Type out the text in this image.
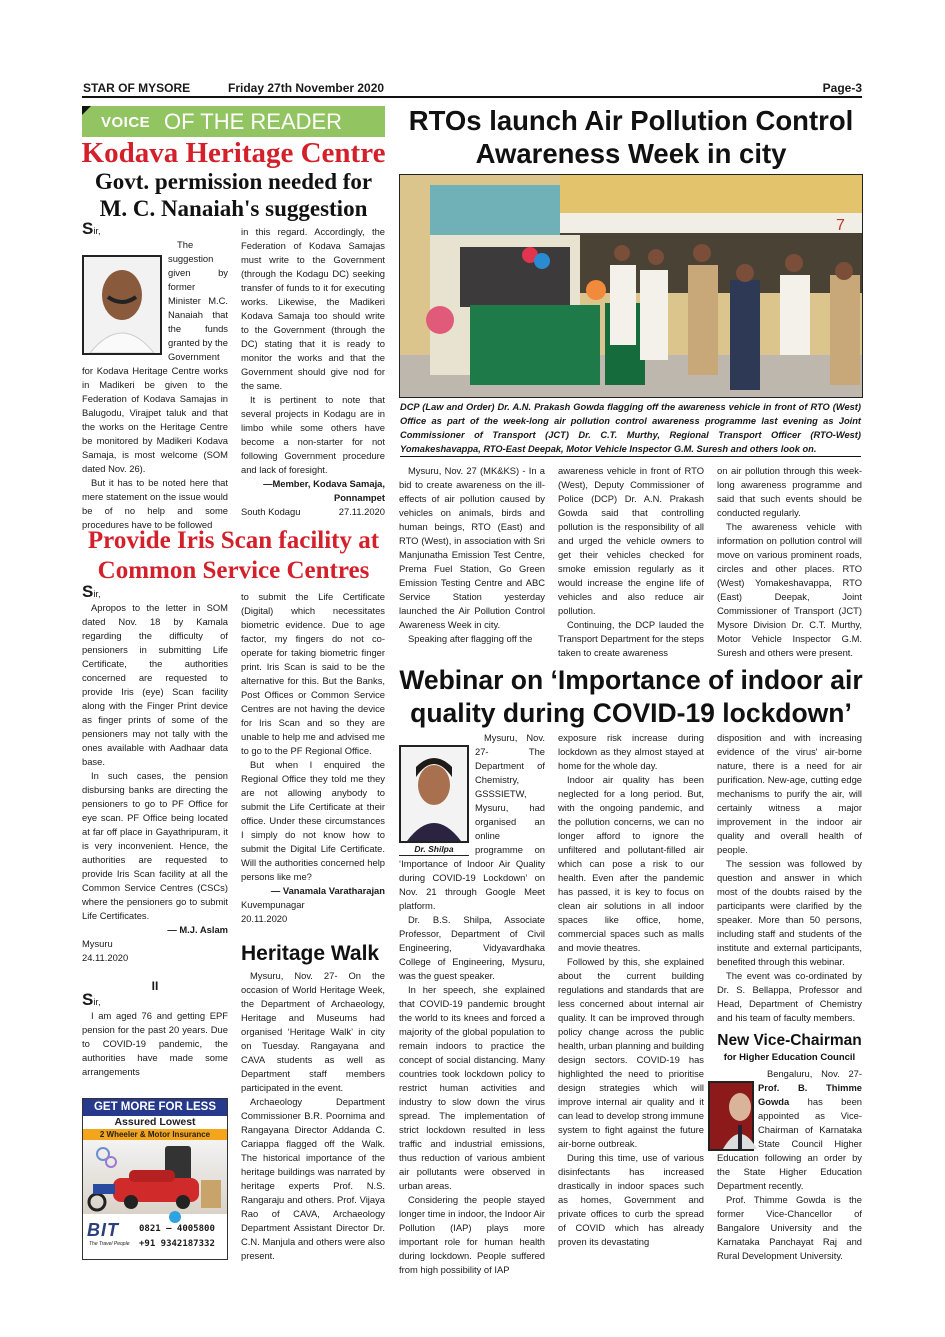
STAR OF MYSORE	Friday 27th November 2020	Page-3
VOICE OF THE READER
Kodava Heritage Centre
Govt. permission needed for
M. C. Nanaiah's suggestion
Sir,

The suggestion given by former Minister M.C. Nanaiah that the funds granted by the Government for Kodava Heritage Centre works in Madikeri be given to the Federation of Kodava Samajas in Balugodu, Virajpet taluk and that the works on the Heritage Centre be monitored by Madikeri Kodava Samaja, is most welcome (SOM dated Nov. 26).

But it has to be noted here that mere statement on the issue would be of no help and some procedures have to be followed

in this regard. Accordingly, the Federation of Kodava Samajas must write to the Government (through the Kodagu DC) seeking transfer of funds to it for executing works. Likewise, the Madikeri Kodava Samaja too should write to the Government (through the DC) stating that it is ready to monitor the works and that the Government should give nod for the same.

It is pertinent to note that several projects in Kodagu are in limbo while some others have become a non-starter for not following Government procedure and lack of foresight.

—Member, Kodava Samaja,
Ponnampet
South Kodagu	27.11.2020
Provide Iris Scan facility at
Common Service Centres
Sir,

Apropos to the letter in SOM dated Nov. 18 by Kamala regarding the difficulty of pensioners in submitting Life Certificate, the authorities concerned are requested to provide Iris (eye) Scan facility along with the Finger Print device as finger prints of some of the pensioners may not tally with the ones available with Aadhaar data base.

In such cases, the pension disbursing banks are directing the pensioners to go to PF Office for eye scan. PF Office being located at far off place in Gayathripuram, it is very inconvenient. Hence, the authorities are requested to provide Iris Scan facility at all the Common Service Centres (CSCs) where the pensioners go to submit Life Certificates.

— M.J. Aslam
Mysuru
24.11.2020
II
Sir,

I am aged 76 and getting EPF pension for the past 20 years. Due to COVID-19 pandemic, the authorities have made some arrangements

to submit the Life Certificate (Digital) which necessitates biometric evidence. Due to age factor, my fingers do not co-operate for taking biometric finger print. Iris Scan is said to be the alternative for this. But the Banks, Post Offices or Common Service Centres are not having the device for Iris Scan and so they are unable to help me and advised me to go to the PF Regional Office.

But when I enquired the Regional Office they told me they are not allowing anybody to submit the Life Certificate at their office. Under these circumstances I simply do not know how to submit the Digital Life Certificate. Will the authorities concerned help persons like me?

— Vanamala Varatharajan
Kuvempunagar
20.11.2020
GET MORE FOR LESS
Assured Lowest
2 Wheeler & Motor Insurance
BIT
The Travel People
0821 – 4005800
+91 9342187332
Heritage Walk

Mysuru, Nov. 27- On the occasion of World Heritage Week, the Department of Archaeology, Heritage and Museums had organised ‘Heritage Walk’ in city on Tuesday. Rangayana and CAVA students as well as Department staff members participated in the event.

Archaeology Department Commissioner B.R. Poornima and Rangayana Director Addanda C. Cariappa flagged off the Walk. The historical importance of the heritage buildings was narrated by heritage experts Prof. N.S. Rangaraju and others. Prof. Vijaya Rao of CAVA, Archaeology Department Assistant Director Dr. C.N. Manjula and others were also present.

RTOs launch Air Pollution Control
Awareness Week in city
7
DCP (Law and Order) Dr. A.N. Prakash Gowda flagging off the awareness vehicle in front of RTO (West) Office as part of the week-long air pollution control awareness programme last evening as Joint Commissioner of Transport (JCT) Dr. C.T. Murthy, Regional Transport Officer (RTO-West) Yomakeshavappa, RTO-East Deepak, Motor Vehicle Inspector G.M. Suresh and others look on.

Mysuru, Nov. 27 (MK&KS) - In a bid to create awareness on the ill-effects of air pollution caused by vehicles on animals, birds and human beings, RTO (East) and RTO (West), in association with Sri Manjunatha Emission Test Centre, Prema Fuel Station, Go Green Emission Testing Centre and ABC Service Station yesterday launched the Air Pollution Control Awareness Week in city.

Speaking after flagging off the

awareness vehicle in front of RTO (West), Deputy Commissioner of Police (DCP) Dr. A.N. Prakash Gowda said that controlling pollution is the responsibility of all and urged the vehicle owners to get their vehicles checked for smoke emission regularly as it would increase the engine life of vehicles and also reduce air pollution.

Continuing, the DCP lauded the Transport Department for the steps taken to create awareness

on air pollution through this week-long awareness programme and said that such events should be conducted regularly.

The awareness vehicle with information on pollution control will move on various prominent roads, circles and other places. RTO (West) Yomakeshavappa, RTO (East) Deepak, Joint Commissioner of Transport (JCT) Mysore Division Dr. C.T. Murthy, Motor Vehicle Inspector G.M. Suresh and others were present.

Webinar on ‘Importance of indoor air
quality during COVID-19 lockdown’
Dr. Shilpa

Mysuru, Nov. 27- The Department of Chemistry, GSSSIETW, Mysuru, had organised an online programme on ‘Importance of Indoor Air Quality during COVID-19 Lockdown’ on Nov. 21 through Google Meet platform.

Dr. B.S. Shilpa, Associate Professor, Department of Civil Engineering, Vidyavardhaka College of Engineering, Mysuru, was the guest speaker.

In her speech, she explained that COVID-19 pandemic brought the world to its knees and forced a majority of the global population to remain indoors to practice the concept of social distancing. Many countries took lockdown policy to restrict human activities and industry to slow down the virus spread. The implementation of strict lockdown resulted in less traffic and industrial emissions, thus reduction of various ambient air pollutants were observed in urban areas.

Considering the people stayed longer time in indoor, the Indoor Air Pollution (IAP) plays more important role for human health during lockdown. People suffered from high possibility of IAP

exposure risk increase during lockdown as they almost stayed at home for the whole day.

Indoor air quality has been neglected for a long period. But, with the ongoing pandemic, and the pollution concerns, we can no longer afford to ignore the unfiltered and pollutant-filled air which can pose a risk to our health. Even after the pandemic has passed, it is key to focus on clean air solutions in all indoor spaces like office, home, commercial spaces such as malls and movie theatres.

Followed by this, she explained about the current building regulations and standards that are less concerned about internal air quality. It can be improved through policy change across the public health, urban planning and building design sectors. COVID-19 has highlighted the need to prioritise design strategies which will improve internal air quality and it can lead to develop strong immune system to fight against the future air-borne outbreak.

During this time, use of various disinfectants has increased drastically in indoor spaces such as homes, Government and private offices to curb the spread of COVID which has already proven its devastating

disposition and with increasing evidence of the virus' air-borne nature, there is a need for air purification. New-age, cutting edge mechanisms to purify the air, will certainly witness a major improvement in the indoor air quality and overall health of people.

The session was followed by question and answer in which most of the doubts raised by the participants were clarified by the speaker. More than 50 persons, including staff and students of the institute and external participants, benefited through this webinar.

The event was co-ordinated by Dr. S. Bellappa, Professor and Head, Department of Chemistry and his team of faculty members.

New Vice-Chairman
for Higher Education Council

Bengaluru, Nov. 27-
Prof. B. Thimme Gowda has been appointed as Vice-Chairman of Karnataka State Council Higher Education following an order by the State Higher Education Department recently.

Prof. Thimme Gowda is the former Vice-Chancellor of Bangalore University and the Karnataka Panchayat Raj and Rural Development University.
